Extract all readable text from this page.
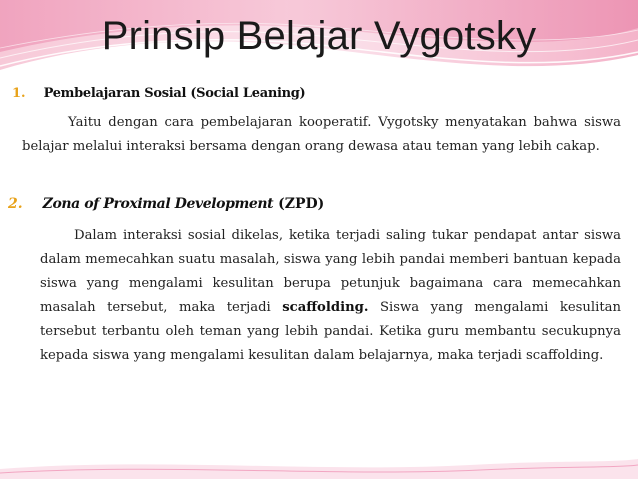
Prinsip Belajar Vygotsky
1. Pembelajaran Sosial (Social Leaning)

Yaitu dengan cara pembelajaran kooperatif. Vygotsky menyatakan bahwa siswa belajar melalui interaksi bersama dengan orang dewasa atau teman yang lebih cakap.

2. Zona of Proximal Development (ZPD)

Dalam interaksi sosial dikelas, ketika terjadi saling tukar pendapat antar siswa dalam memecahkan suatu masalah, siswa yang lebih pandai memberi bantuan kepada siswa yang mengalami kesulitan berupa petunjuk bagaimana cara memecahkan masalah tersebut, maka terjadi scaffolding. Siswa yang mengalami kesulitan tersebut terbantu oleh teman yang lebih pandai. Ketika guru membantu secukupnya kepada siswa yang mengalami kesulitan dalam belajarnya, maka terjadi scaffolding.
